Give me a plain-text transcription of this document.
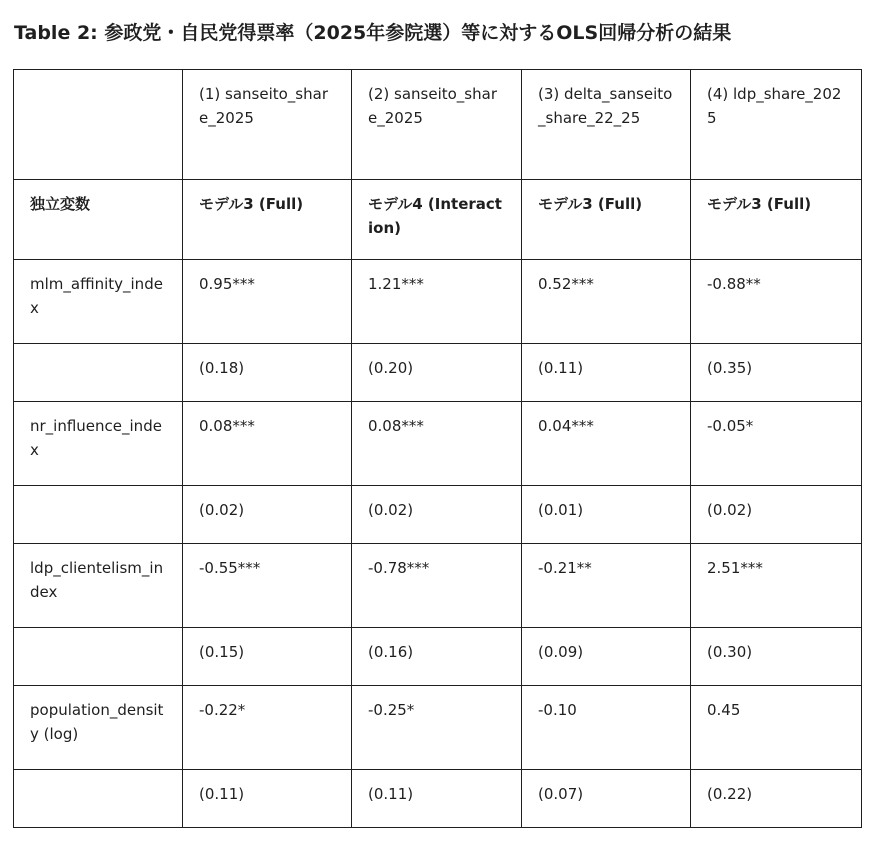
Table 2: 参政党・自民党得票率（2025年参院選）等に対するOLS回帰分析の結果
	(1) sanseito_share_2025	(2) sanseito_share_2025	(3) delta_sanseito_share_22_25	(4) ldp_share_2025
独立変数	モデル3 (Full)	モデル4 (Interaction)	モデル3 (Full)	モデル3 (Full)
mlm_affinity_index	0.95***	1.21***	0.52***	-0.88**
	(0.18)	(0.20)	(0.11)	(0.35)
nr_influence_index	0.08***	0.08***	0.04***	-0.05*
	(0.02)	(0.02)	(0.01)	(0.02)
ldp_clientelism_index	-0.55***	-0.78***	-0.21**	2.51***
	(0.15)	(0.16)	(0.09)	(0.30)
population_density (log)	-0.22*	-0.25*	-0.10	0.45
	(0.11)	(0.11)	(0.07)	(0.22)
